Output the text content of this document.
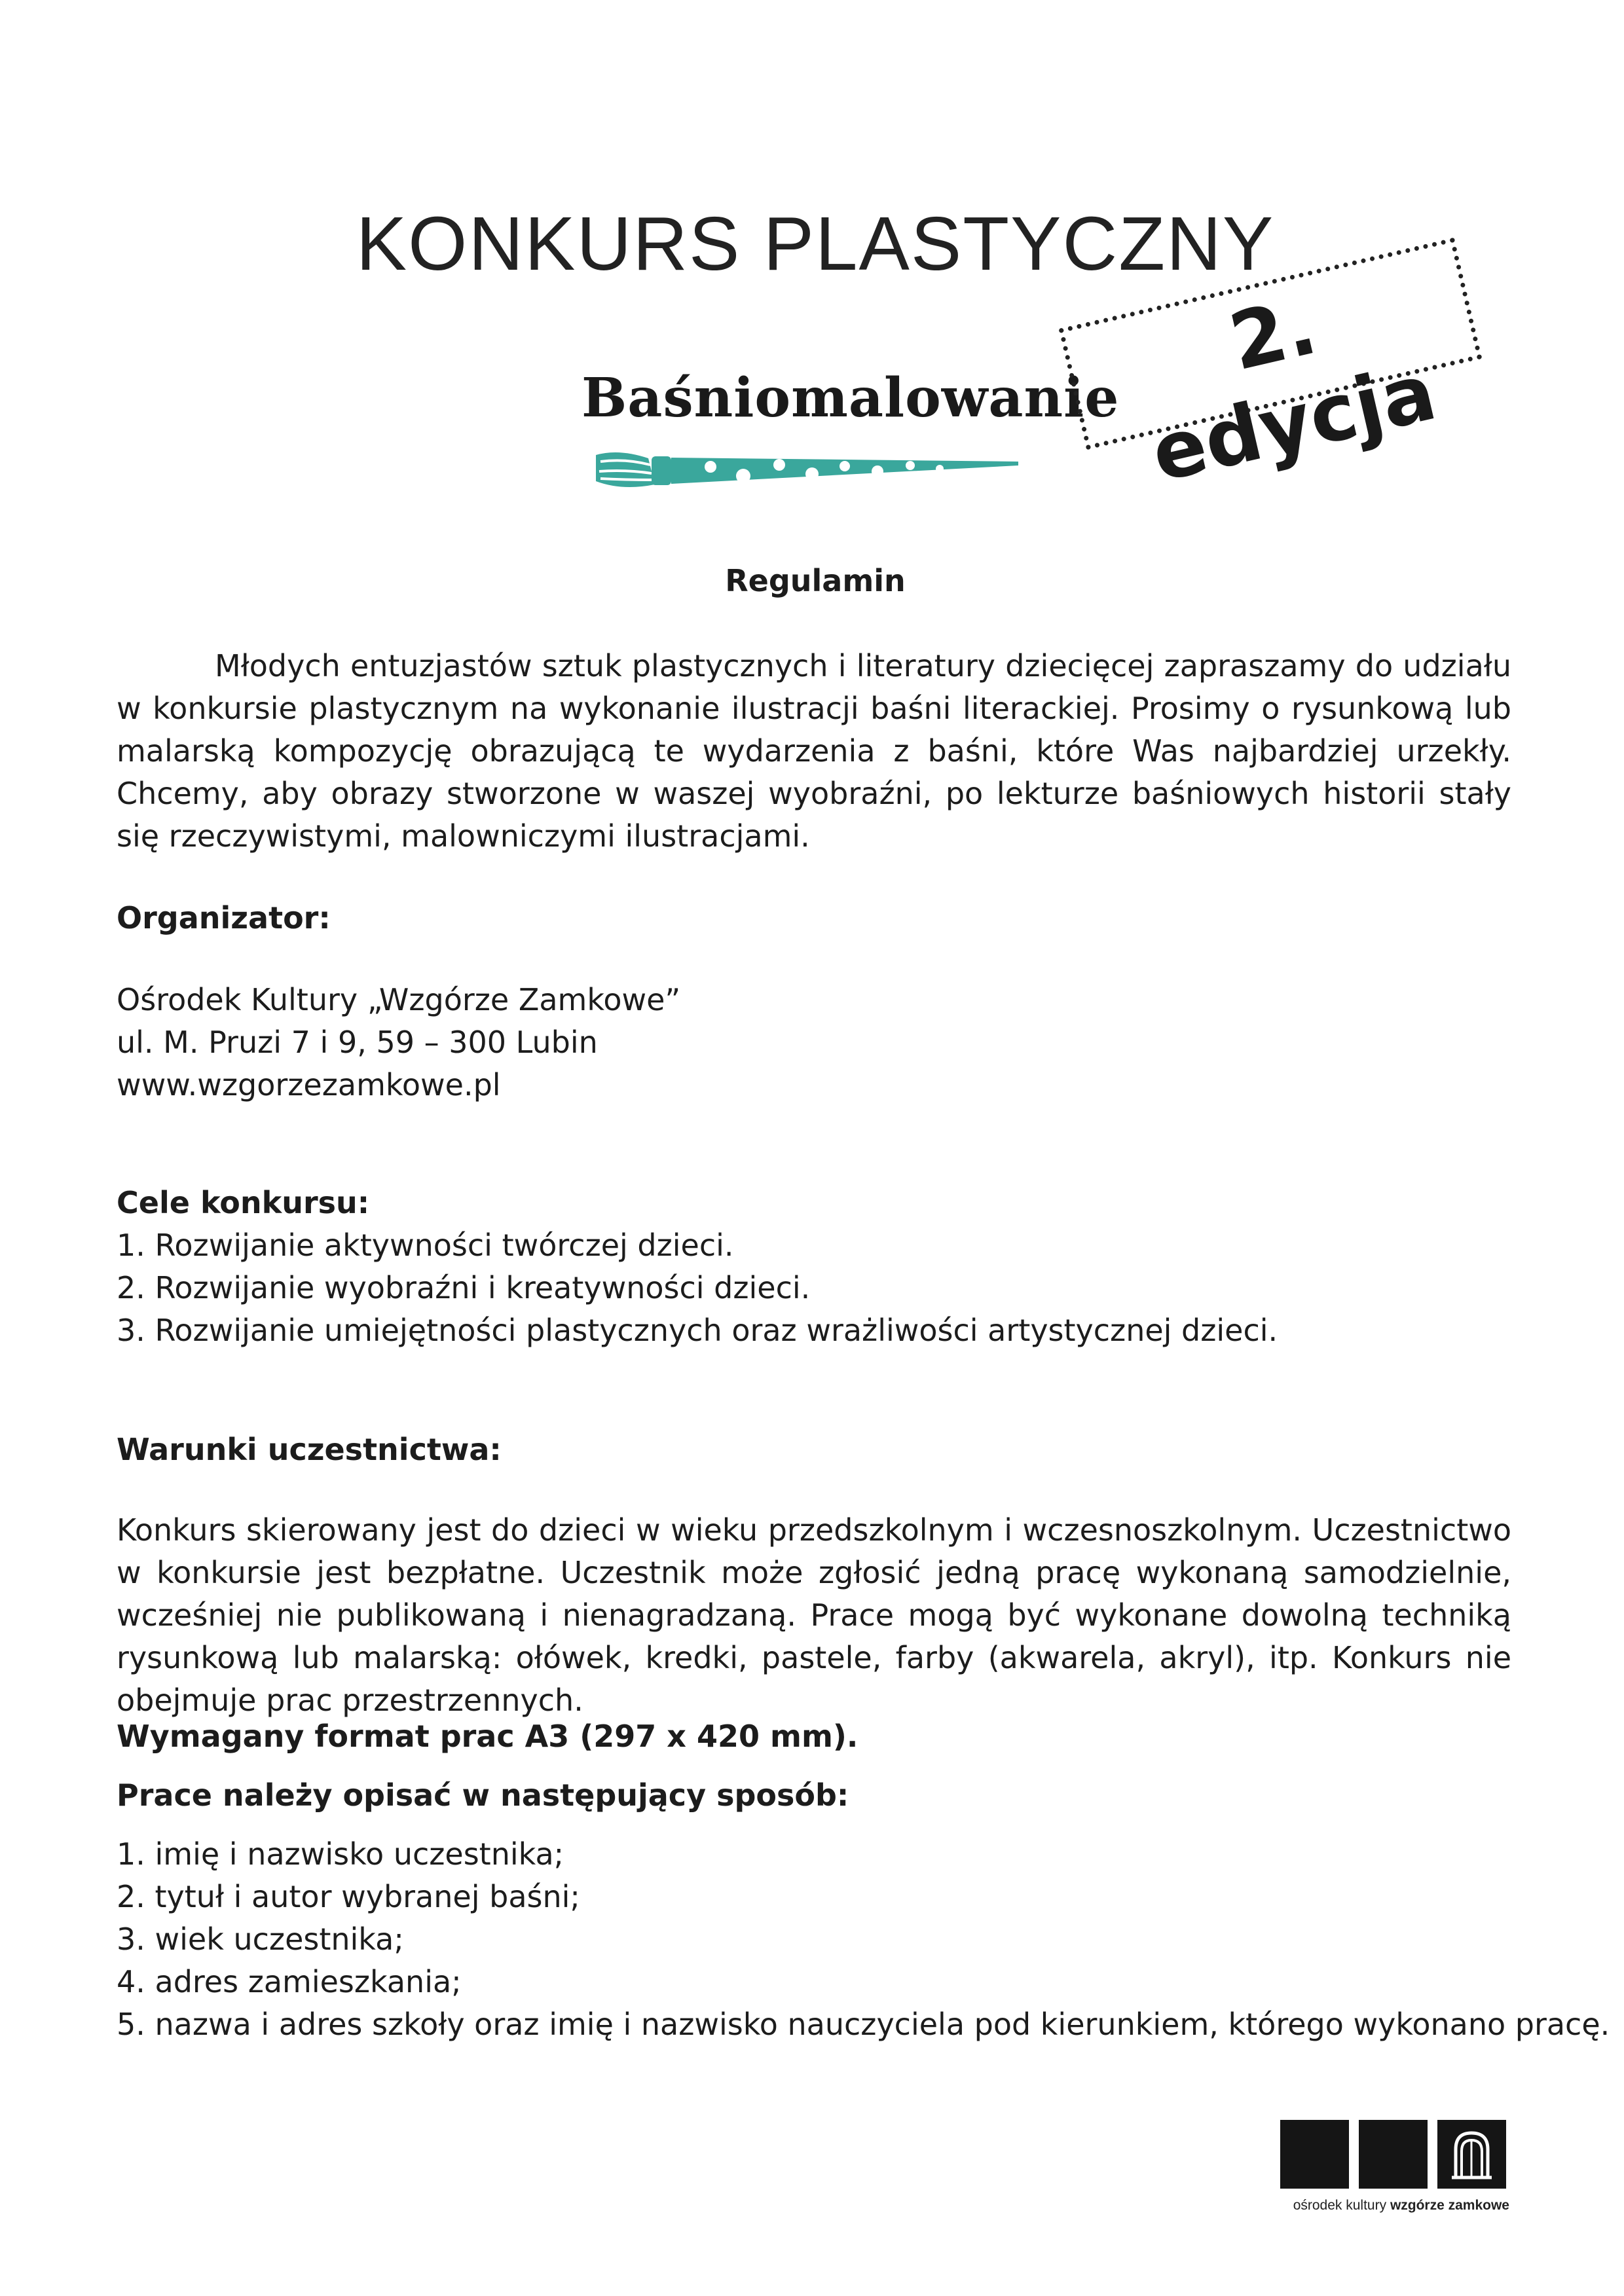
KONKURS PLASTYCZNY
Baśniomalowanie
2. edycja
Regulamin
Młodych entuzjastów sztuk plastycznych i literatury dziecięcej zapraszamy do udziału w konkursie plastycznym na wykonanie ilustracji baśni literackiej. Prosimy o rysunkową lub malarską kompozycję obrazującą te wydarzenia z baśni, które Was najbardziej urzekły. Chcemy, aby obrazy stworzone w waszej wyobraźni, po lekturze baśniowych historii stały się rzeczywistymi, malowniczymi ilustracjami.
Organizator:
Ośrodek Kultury „Wzgórze Zamkowe”
ul. M. Pruzi 7 i 9, 59 – 300 Lubin
www.wzgorzezamkowe.pl
Cele konkursu:
1. Rozwijanie aktywności twórczej dzieci.
2. Rozwijanie wyobraźni i kreatywności dzieci.
3. Rozwijanie umiejętności plastycznych oraz wrażliwości artystycznej dzieci.
Warunki uczestnictwa:
Konkurs skierowany jest do dzieci w wieku przedszkolnym i wczesnoszkolnym. Uczestnictwo w konkursie jest bezpłatne. Uczestnik może zgłosić jedną pracę wykonaną samodzielnie, wcześniej nie publikowaną i nienagradzaną. Prace mogą być wykonane dowolną techniką rysunkową lub malarską: ołówek, kredki, pastele, farby (akwarela, akryl), itp. Konkurs nie obejmuje prac przestrzennych.
Wymagany format prac A3 (297 x 420 mm).
Prace należy opisać w następujący sposób:
1. imię i nazwisko uczestnika;
2. tytuł i autor wybranej baśni;
3. wiek uczestnika;
4. adres zamieszkania;
5. nazwa i adres szkoły oraz imię i nazwisko nauczyciela pod kierunkiem, którego wykonano pracę.
ośrodek kultury wzgórze zamkowe
